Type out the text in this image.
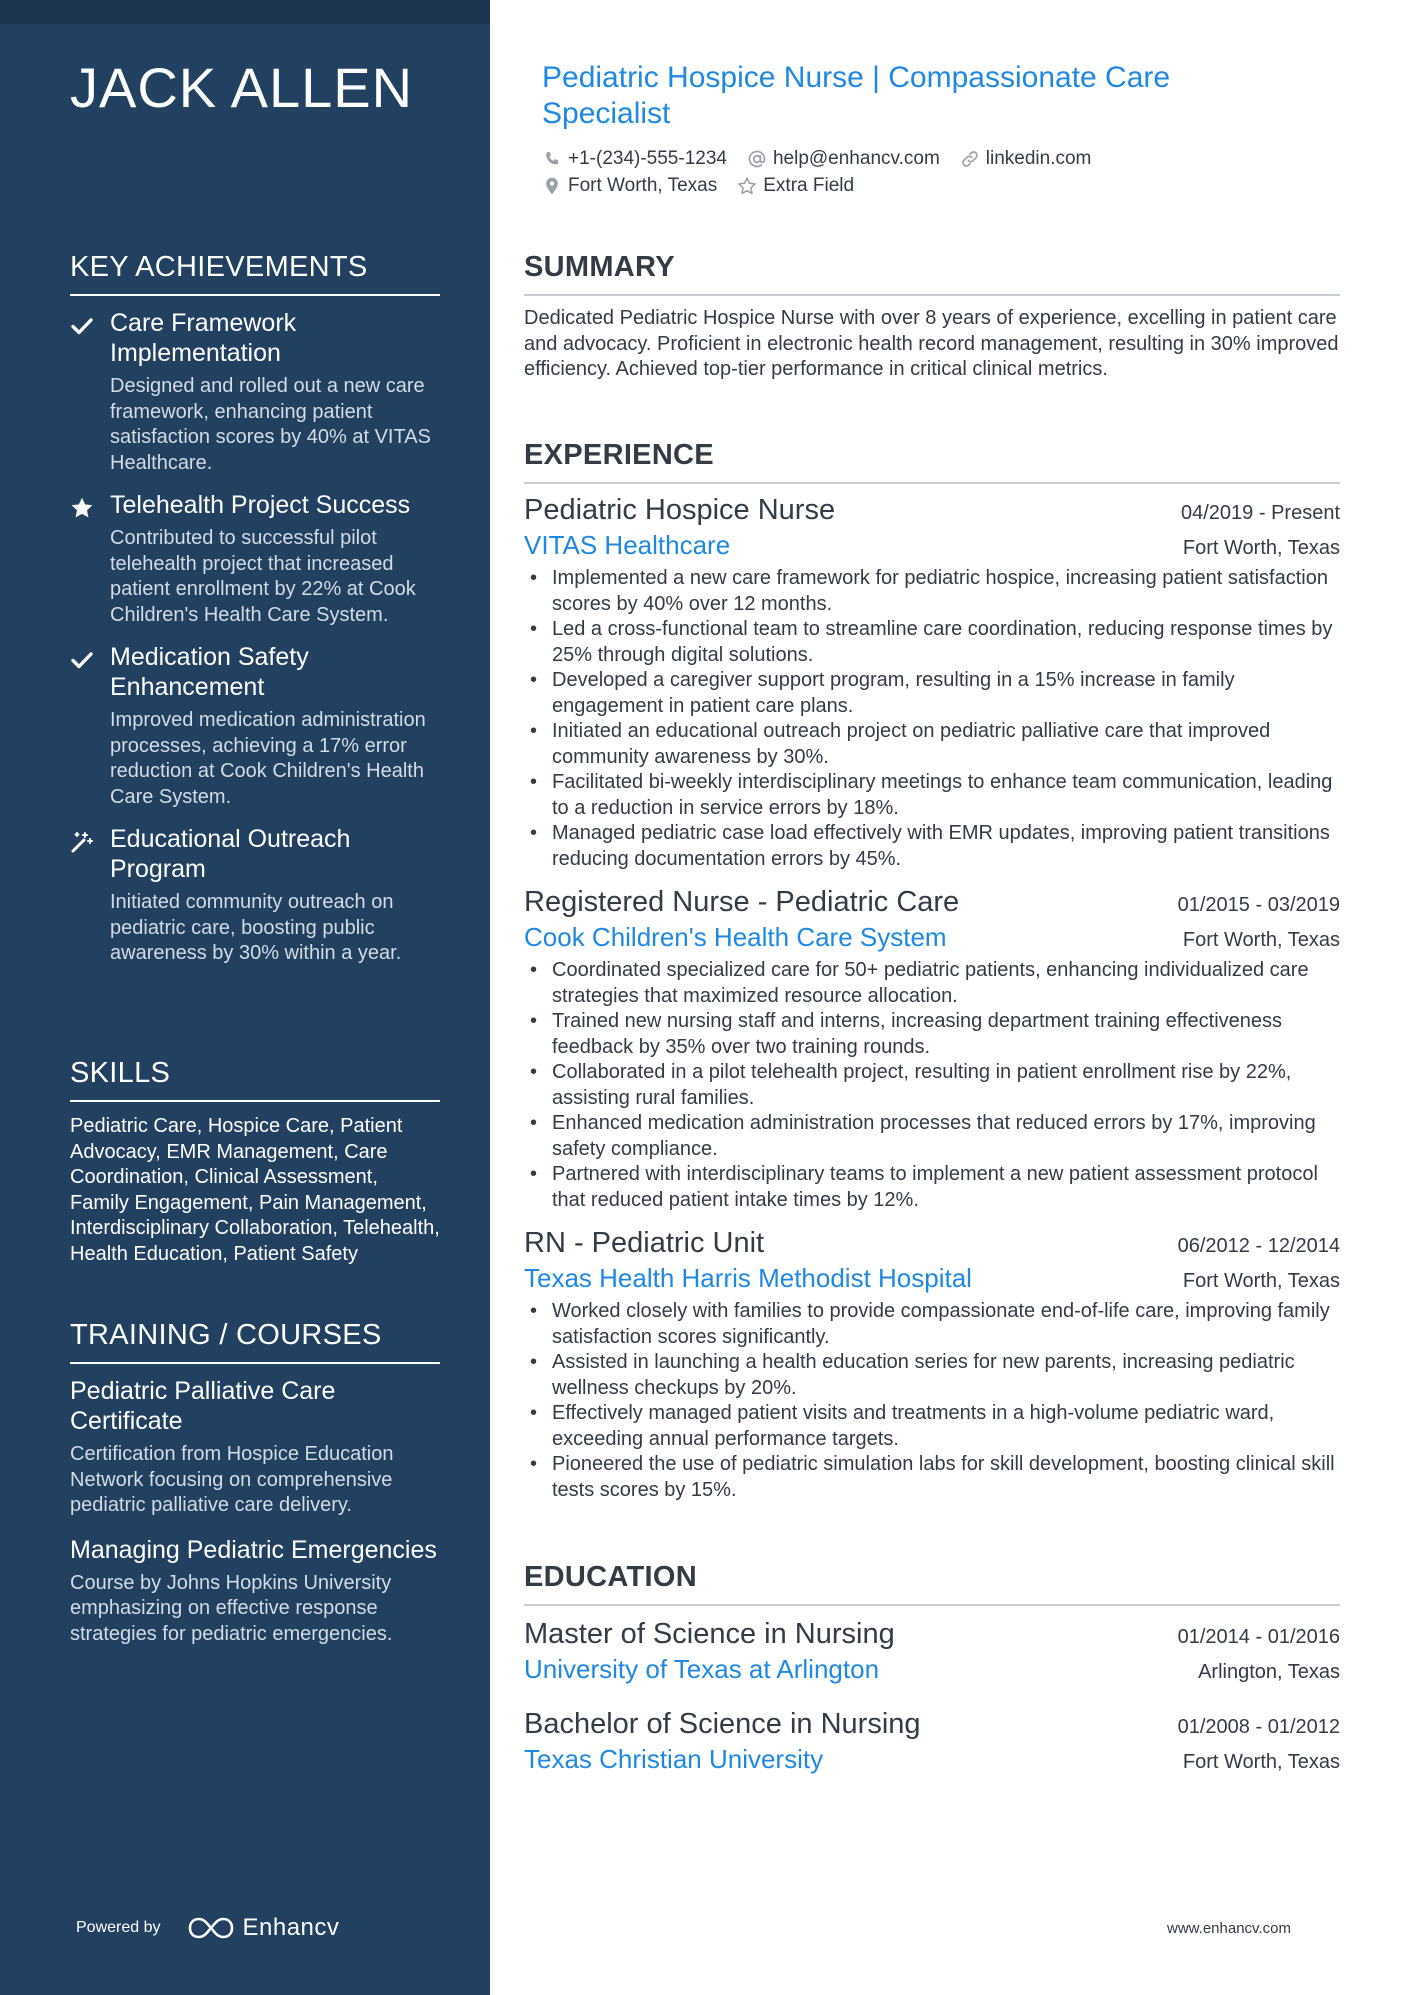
JACK ALLEN
KEY ACHIEVEMENTS
Care Framework Implementation
Designed and rolled out a new care framework, enhancing patient satisfaction scores by 40% at VITAS Healthcare.
Telehealth Project Success
Contributed to successful pilot telehealth project that increased patient enrollment by 22% at Cook Children's Health Care System.
Medication Safety Enhancement
Improved medication administration processes, achieving a 17% error reduction at Cook Children's Health Care System.
Educational Outreach Program
Initiated community outreach on pediatric care, boosting public awareness by 30% within a year.
SKILLS

Pediatric Care, Hospice Care, Patient Advocacy, EMR Management, Care Coordination, Clinical Assessment, Family Engagement, Pain Management, Interdisciplinary Collaboration, Telehealth, Health Education, Patient Safety

TRAINING / COURSES
Pediatric Palliative Care Certificate
Certification from Hospice Education Network focusing on comprehensive pediatric palliative care delivery.
Managing Pediatric Emergencies
Course by Johns Hopkins University emphasizing on effective response strategies for pediatric emergencies.
Powered by	Enhancv
Pediatric Hospice Nurse | Compassionate Care Specialist
+1-(234)-555-1234 help@enhancv.com linkedin.com
Fort Worth, Texas Extra Field
SUMMARY

Dedicated Pediatric Hospice Nurse with over 8 years of experience, excelling in patient care and advocacy. Proficient in electronic health record management, resulting in 30% improved efficiency. Achieved top-tier performance in critical clinical metrics.

EXPERIENCE
Pediatric Hospice Nurse	04/2019 - Present
VITAS Healthcare	Fort Worth, Texas
• Implemented a new care framework for pediatric hospice, increasing patient satisfaction scores by 40% over 12 months.
• Led a cross-functional team to streamline care coordination, reducing response times by 25% through digital solutions.
• Developed a caregiver support program, resulting in a 15% increase in family engagement in patient care plans.
• Initiated an educational outreach project on pediatric palliative care that improved community awareness by 30%.
• Facilitated bi-weekly interdisciplinary meetings to enhance team communication, leading to a reduction in service errors by 18%.
• Managed pediatric case load effectively with EMR updates, improving patient transitions reducing documentation errors by 45%.
Registered Nurse - Pediatric Care	01/2015 - 03/2019
Cook Children's Health Care System	Fort Worth, Texas
• Coordinated specialized care for 50+ pediatric patients, enhancing individualized care strategies that maximized resource allocation.
• Trained new nursing staff and interns, increasing department training effectiveness feedback by 35% over two training rounds.
• Collaborated in a pilot telehealth project, resulting in patient enrollment rise by 22%, assisting rural families.
• Enhanced medication administration processes that reduced errors by 17%, improving safety compliance.
• Partnered with interdisciplinary teams to implement a new patient assessment protocol that reduced patient intake times by 12%.
RN - Pediatric Unit	06/2012 - 12/2014
Texas Health Harris Methodist Hospital	Fort Worth, Texas
• Worked closely with families to provide compassionate end-of-life care, improving family satisfaction scores significantly.
• Assisted in launching a health education series for new parents, increasing pediatric wellness checkups by 20%.
• Effectively managed patient visits and treatments in a high-volume pediatric ward, exceeding annual performance targets.
• Pioneered the use of pediatric simulation labs for skill development, boosting clinical skill tests scores by 15%.
EDUCATION
Master of Science in Nursing	01/2014 - 01/2016
University of Texas at Arlington	Arlington, Texas
Bachelor of Science in Nursing	01/2008 - 01/2012
Texas Christian University	Fort Worth, Texas
www.enhancv.com
